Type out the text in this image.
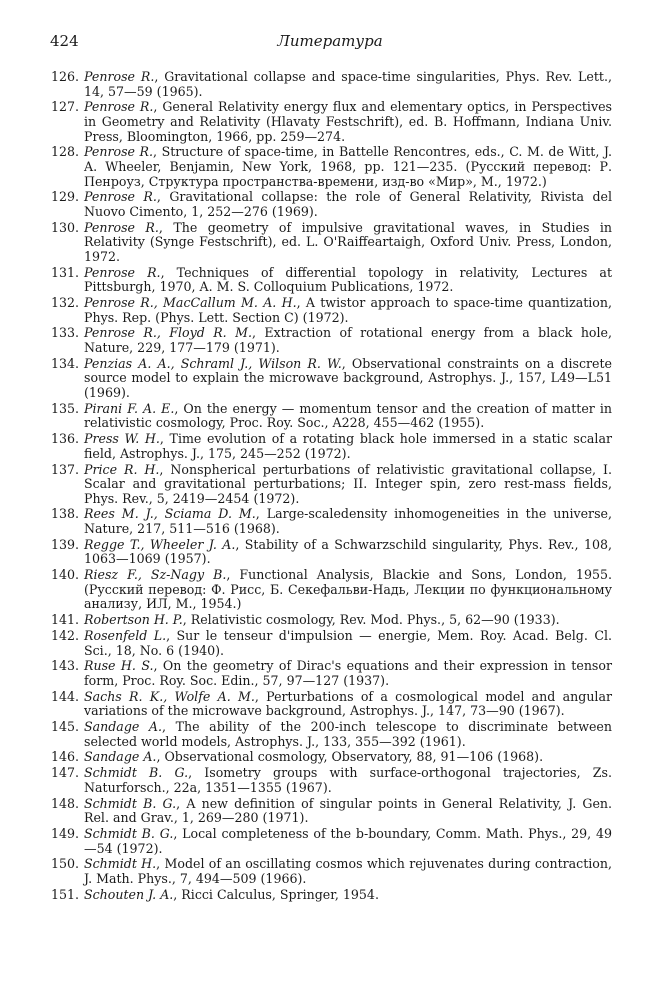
424	Литература
126. Penrose R., Gravitational collapse and space-time singularities, Phys. Rev. Lett., 14, 57—59 (1965).
127. Penrose R., General Relativity energy flux and elementary optics, in Perspectives in Geometry and Relativity (Hlavaty Festschrift), ed. B. Hoffmann, Indiana Univ. Press, Bloomington, 1966, pp. 259—274.
128. Penrose R., Structure of space-time, in Battelle Rencontres, eds., C. M. de Witt, J. A. Wheeler, Benjamin, New York, 1968, pp. 121—235. (Русский перевод: Р. Пенроуз, Структура пространства-времени, изд-во «Мир», М., 1972.)
129. Penrose R., Gravitational collapse: the role of General Relativity, Rivista del Nuovo Cimento, 1, 252—276 (1969).
130. Penrose R., The geometry of impulsive gravitational waves, in Studies in Relativity (Synge Festschrift), ed. L. O'Raiffeartaigh, Oxford Univ. Press, London, 1972.
131. Penrose R., Techniques of differential topology in relativity, Lectures at Pittsburgh, 1970, A. M. S. Colloquium Publications, 1972.
132. Penrose R., MacCallum M. A. H., A twistor approach to space-time quantization, Phys. Rep. (Phys. Lett. Section C) (1972).
133. Penrose R., Floyd R. M., Extraction of rotational energy from a black hole, Nature, 229, 177—179 (1971).
134. Penzias A. A., Schraml J., Wilson R. W., Observational constraints on a discrete source model to explain the microwave background, Astrophys. J., 157, L49—L51 (1969).
135. Pirani F. A. E., On the energy — momentum tensor and the creation of matter in relativistic cosmology, Proc. Roy. Soc., A228, 455—462 (1955).
136. Press W. H., Time evolution of a rotating black hole immersed in a static scalar field, Astrophys. J., 175, 245—252 (1972).
137. Price R. H., Nonspherical perturbations of relativistic gravitational collapse, I. Scalar and gravitational perturbations; II. Integer spin, zero rest-mass fields, Phys. Rev., 5, 2419—2454 (1972).
138. Rees M. J., Sciama D. M., Large-scaledensity inhomogeneities in the universe, Nature, 217, 511—516 (1968).
139. Regge T., Wheeler J. A., Stability of a Schwarzschild singularity, Phys. Rev., 108, 1063—1069 (1957).
140. Riesz F., Sz-Nagy B., Functional Analysis, Blackie and Sons, London, 1955. (Русский перевод: Ф. Рисс, Б. Секефальви-Надь, Лекции по функциональному анализу, ИЛ, М., 1954.)
141. Robertson H. P., Relativistic cosmology, Rev. Mod. Phys., 5, 62—90 (1933).
142. Rosenfeld L., Sur le tenseur d'impulsion — energie, Mem. Roy. Acad. Belg. Cl. Sci., 18, No. 6 (1940).
143. Ruse H. S., On the geometry of Dirac's equations and their expression in tensor form, Proc. Roy. Soc. Edin., 57, 97—127 (1937).
144. Sachs R. K., Wolfe A. M., Perturbations of a cosmological model and angular variations of the microwave background, Astrophys. J., 147, 73—90 (1967).
145. Sandage A., The ability of the 200-inch telescope to discriminate between selected world models, Astrophys. J., 133, 355—392 (1961).
146. Sandage A., Observational cosmology, Observatory, 88, 91—106 (1968).
147. Schmidt B. G., Isometry groups with surface-orthogonal trajectories, Zs. Naturforsch., 22a, 1351—1355 (1967).
148. Schmidt B. G., A new definition of singular points in General Relativity, J. Gen. Rel. and Grav., 1, 269—280 (1971).
149. Schmidt B. G., Local completeness of the b-boundary, Comm. Math. Phys., 29, 49—54 (1972).
150. Schmidt H., Model of an oscillating cosmos which rejuvenates during contraction, J. Math. Phys., 7, 494—509 (1966).
151. Schouten J. A., Ricci Calculus, Springer, 1954.
